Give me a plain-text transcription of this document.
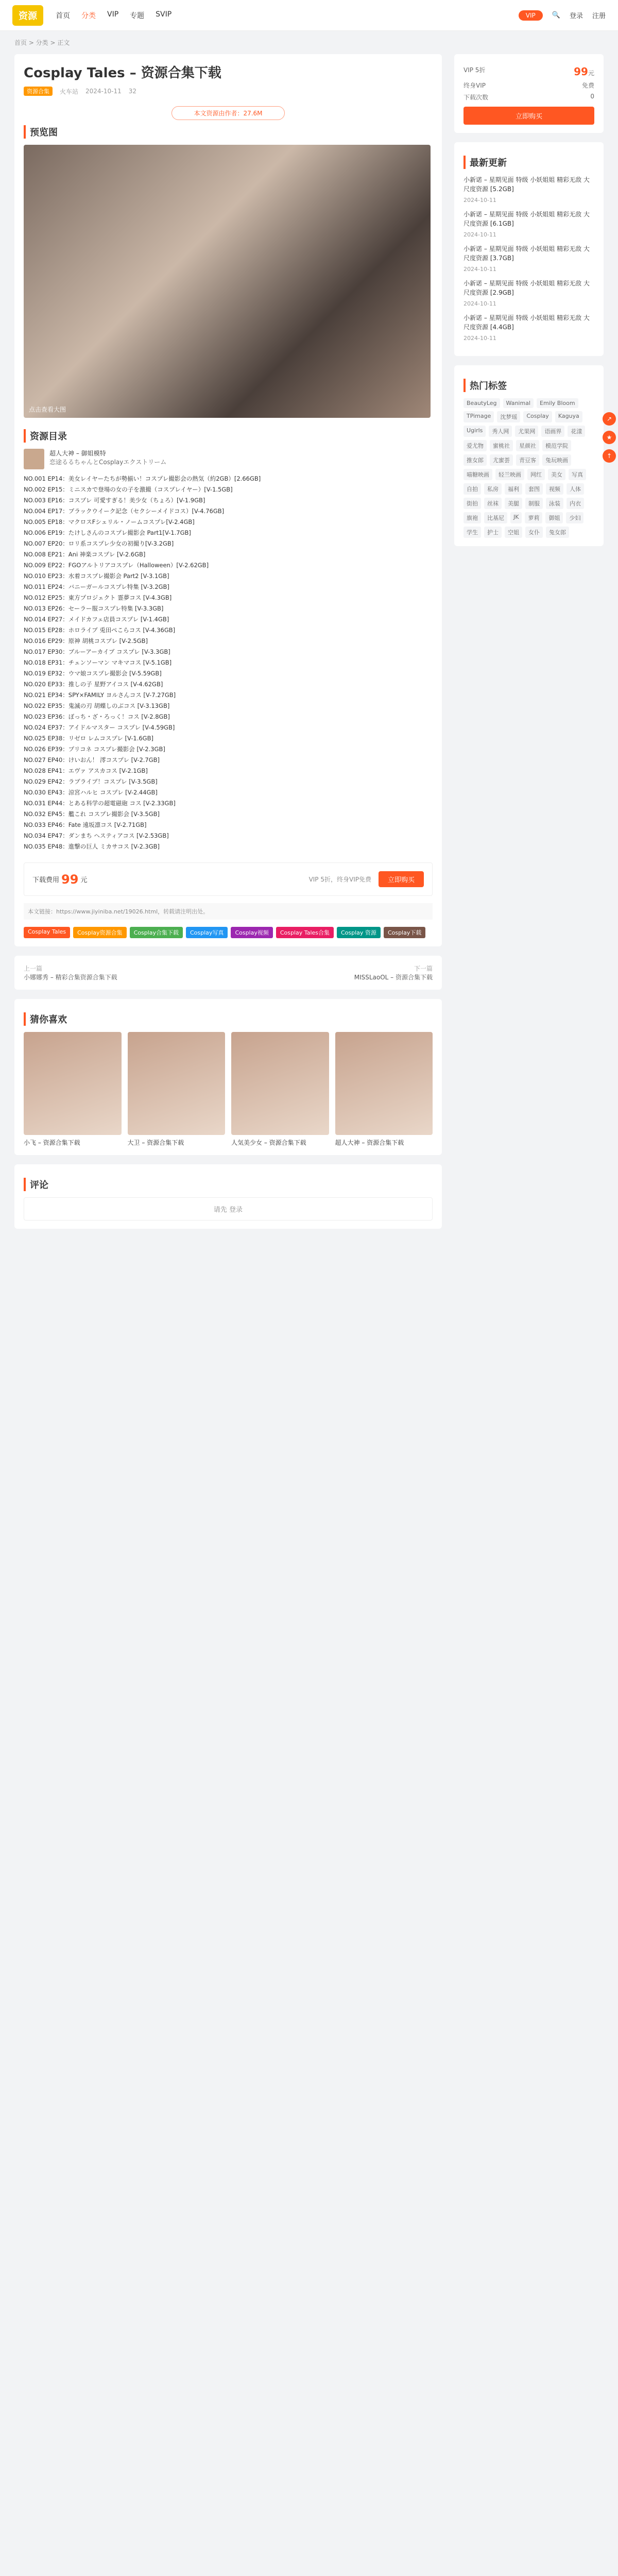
资源	首页 分类 VIP 专题 SVIP	VIP	🔍 登录 注册
首页 > 分类 > 正文
Cosplay Tales – 资源合集下载
资源合集	火车站 2024-10-11 32
本文资源由作者：27.6M
预览图
点击查看大图
资源目录
超人大神 – 御姐模特
恋途るるちゃんとCosplayエクストリーム

NO.001 EP14：美女レイヤーたちが勢揃い！コスプレ撮影会の熱気（約2GB）[2.66GB]

NO.002 EP15：ミニスカで登場の女の子を激撮（コスプレイヤー）[V-1.5GB]

NO.003 EP16：コスプレ 可愛すぎる！美少女（ちょろ）[V-1.9GB]

NO.004 EP17：ブラックウイーク記念（セクシーメイドコス）[V-4.76GB]

NO.005 EP18：マクロスFシェリル・ノームコスプレ[V-2.4GB]

NO.006 EP19：たけしさんのコスプレ撮影会 Part1[V-1.7GB]

NO.007 EP20：ロリ系コスプレ少女の初撮り[V-3.2GB]

NO.008 EP21：Ani 神楽コスプレ [V-2.6GB]

NO.009 EP22：FGOアルトリアコスプレ（Halloween）[V-2.62GB]

NO.010 EP23：水着コスプレ撮影会 Part2 [V-3.1GB]

NO.011 EP24：バニーガールコスプレ特集 [V-3.2GB]

NO.012 EP25：東方プロジェクト 霊夢コス [V-4.3GB]

NO.013 EP26：セーラー服コスプレ特集 [V-3.3GB]

NO.014 EP27：メイドカフェ店員コスプレ [V-1.4GB]

NO.015 EP28：ホロライブ 兎田ぺこらコス [V-4.36GB]

NO.016 EP29：原神 胡桃コスプレ [V-2.5GB]

NO.017 EP30：ブルーアーカイブ コスプレ [V-3.3GB]

NO.018 EP31：チェンソーマン マキマコス [V-5.1GB]

NO.019 EP32：ウマ娘コスプレ撮影会 [V-5.59GB]

NO.020 EP33：推しの子 星野アイコス [V-4.62GB]

NO.021 EP34：SPY×FAMILY ヨルさんコス [V-7.27GB]

NO.022 EP35：鬼滅の刃 胡蝶しのぶコス [V-3.13GB]

NO.023 EP36：ぼっち・ざ・ろっく！コス [V-2.8GB]

NO.024 EP37：アイドルマスター コスプレ [V-4.59GB]

NO.025 EP38：リゼロ レムコスプレ [V-1.6GB]

NO.026 EP39：プリコネ コスプレ撮影会 [V-2.3GB]

NO.027 EP40：けいおん！ 澪コスプレ [V-2.7GB]

NO.028 EP41：エヴァ アスカコス [V-2.1GB]

NO.029 EP42：ラブライブ！コスプレ [V-3.5GB]

NO.030 EP43：涼宮ハルヒ コスプレ [V-2.44GB]

NO.031 EP44：とある科学の超電磁砲 コス [V-2.33GB]

NO.032 EP45：艦これ コスプレ撮影会 [V-3.5GB]

NO.033 EP46：Fate 遠坂凛コス [V-2.71GB]

NO.034 EP47：ダンまち ヘスティアコス [V-2.53GB]

NO.035 EP48：進撃の巨人 ミカサコス [V-2.3GB]

下载费用 99 元	VIP 5折，终身VIP免费	立即购买
本文链接：https://www.jiyiniba.net/19026.html，转载请注明出处。
Cosplay Tales	Cosplay资源合集	Cosplay合集下载	Cosplay写真	Cosplay视频	Cosplay Tales合集	Cosplay 资源	Cosplay下载
上一篇
小娜娜秀 – 精彩合集资源合集下载
下一篇
MISSLaoOL – 资源合集下载
猜你喜欢

小飞 – 资源合集下载	大卫 – 资源合集下载	人気美少女 – 资源合集下载	超人大神 – 资源合集下载

评论
请先 登录
VIP 5折	99元
终身VIP	免费
下载次数	0
立即购买
最新更新

小新诺 – 星期见面 特级 小妖姐姐 精彩无敌 大尺度资源 [5.2GB]

2024-10-11

小新诺 – 星期见面 特级 小妖姐姐 精彩无敌 大尺度资源 [6.1GB]

2024-10-11

小新诺 – 星期见面 特级 小妖姐姐 精彩无敌 大尺度资源 [3.7GB]

2024-10-11

小新诺 – 星期见面 特级 小妖姐姐 精彩无敌 大尺度资源 [2.9GB]

2024-10-11

小新诺 – 星期见面 特级 小妖姐姐 精彩无敌 大尺度资源 [4.4GB]

2024-10-11
热门标签
BeautyLeg	Wanimal	Emily Bloom
TPimage	沈梦瑶	Cosplay	Kaguya
Ugirls	秀人网	尤果网	语画界	花漾
爱尤物	蜜桃社	星颜社	模范学院
推女郎	尤蜜荟	青豆客	兔玩映画
喵糖映画	轻兰映画	网红	美女	写真
自拍	私房	福利	套图	视频	人体
街拍	丝袜	美腿	制服	泳装	内衣
旗袍	比基尼	JK	萝莉	御姐	少妇
学生	护士	空姐	女仆	兔女郎
↗
★
↑
